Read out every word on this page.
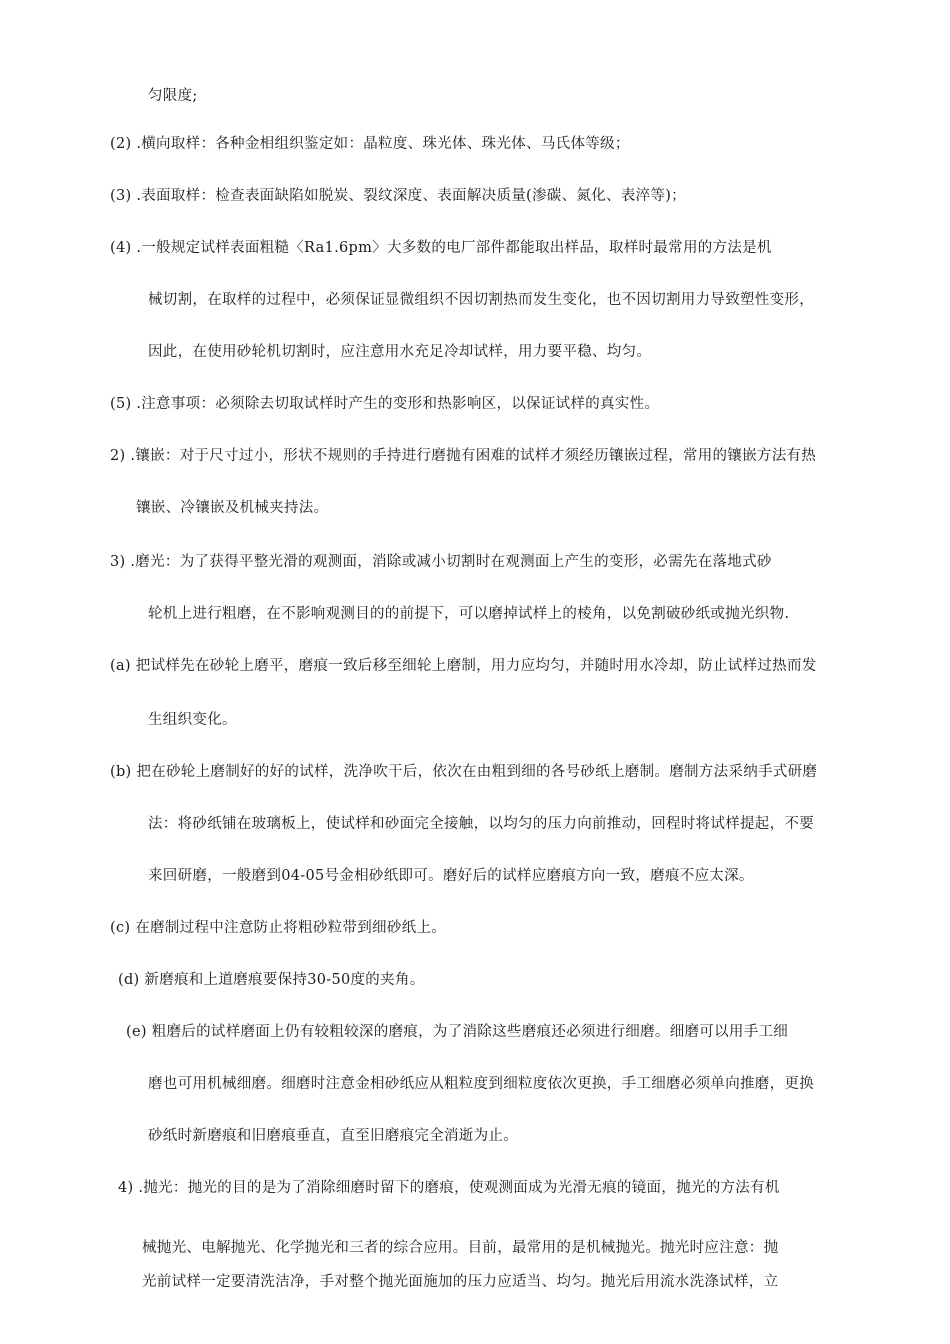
匀限度;
(2) .横向取样：各种金相组织鉴定如：晶粒度、珠光体、珠光体、马氏体等级；
(3) .表面取样：检查表面缺陷如脱炭、裂纹深度、表面解决质量(渗碳、氮化、表淬等)；
(4) .一般规定试样表面粗糙〈Ra1.6pm〉大多数的电厂部件都能取出样品，取样时最常用的方法是机
械切割，在取样的过程中，必须保证显微组织不因切割热而发生变化，也不因切割用力导致塑性变形，
因此，在使用砂轮机切割时，应注意用水充足冷却试样，用力要平稳、均匀。
(5) .注意事项：必须除去切取试样时产生的变形和热影响区，以保证试样的真实性。
2) .镶嵌：对于尺寸过小，形状不规则的手持进行磨抛有困难的试样才须经历镶嵌过程，常用的镶嵌方法有热
镶嵌、冷镶嵌及机械夹持法。
3) .磨光：为了获得平整光滑的观测面，消除或减小切割时在观测面上产生的变形，必需先在落地式砂
轮机上进行粗磨，在不影响观测目的的前提下，可以磨掉试样上的棱角，以免割破砂纸或抛光织物.
(a) 把试样先在砂轮上磨平，磨痕一致后移至细轮上磨制，用力应均匀，并随时用水冷却，防止试样过热而发
生组织变化。
(b) 把在砂轮上磨制好的好的试样，洗净吹干后，依次在由粗到细的各号砂纸上磨制。磨制方法采纳手式研磨
法：将砂纸铺在玻璃板上，使试样和砂面完全接触，以均匀的压力向前推动，回程时将试样提起，不要
来回研磨，一般磨到04-05号金相砂纸即可。磨好后的试样应磨痕方向一致，磨痕不应太深。
(c) 在磨制过程中注意防止将粗砂粒带到细砂纸上。
(d) 新磨痕和上道磨痕要保持30-50度的夹角。
(e) 粗磨后的试样磨面上仍有较粗较深的磨痕，为了消除这些磨痕还必须进行细磨。细磨可以用手工细
磨也可用机械细磨。细磨时注意金相砂纸应从粗粒度到细粒度依次更换，手工细磨必须单向推磨，更换
砂纸时新磨痕和旧磨痕垂直，直至旧磨痕完全消逝为止。
4) .抛光：抛光的目的是为了消除细磨时留下的磨痕，使观测面成为光滑无痕的镜面，抛光的方法有机
械抛光、电解抛光、化学抛光和三者的综合应用。目前，最常用的是机械抛光。抛光时应注意：抛
光前试样一定要清洗洁净，手对整个抛光面施加的压力应适当、均匀。抛光后用流水洗涤试样，立
